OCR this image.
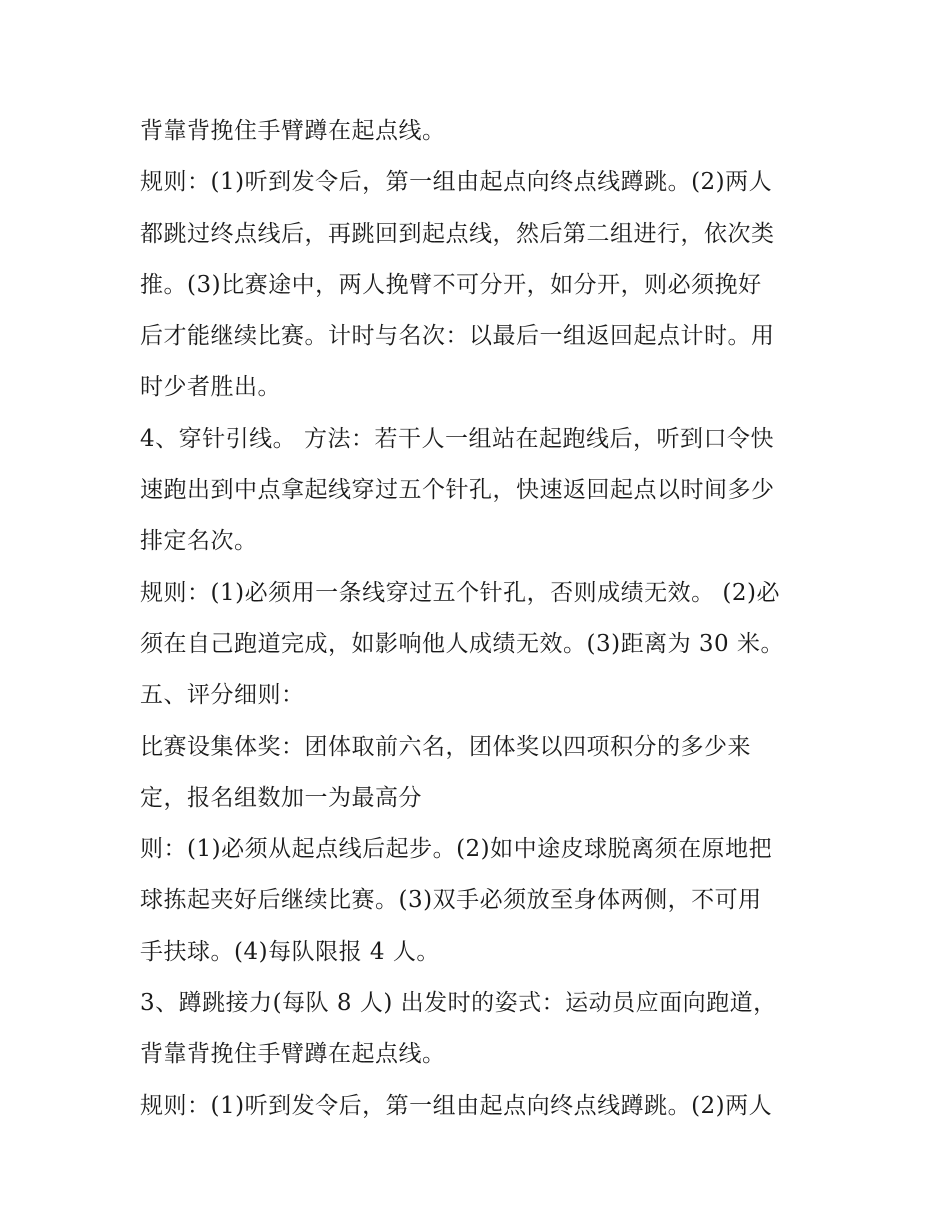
背靠背挽住手臂蹲在起点线。
规则：(1)听到发令后，第一组由起点向终点线蹲跳。(2)两人
都跳过终点线后，再跳回到起点线，然后第二组进行，依次类
推。(3)比赛途中，两人挽臂不可分开，如分开，则必须挽好
后才能继续比赛。计时与名次：以最后一组返回起点计时。用
时少者胜出。
4、穿针引线。 方法：若干人一组站在起跑线后，听到口令快
速跑出到中点拿起线穿过五个针孔，快速返回起点以时间多少
排定名次。
规则：(1)必须用一条线穿过五个针孔，否则成绩无效。 (2)必
须在自己跑道完成，如影响他人成绩无效。(3)距离为 30 米。
五、评分细则：
比赛设集体奖：团体取前六名，团体奖以四项积分的多少来
定，报名组数加一为最高分
则：(1)必须从起点线后起步。(2)如中途皮球脱离须在原地把
球拣起夹好后继续比赛。(3)双手必须放至身体两侧，不可用
手扶球。(4)每队限报 4 人。
3、蹲跳接力(每队 8 人) 出发时的姿式：运动员应面向跑道，
背靠背挽住手臂蹲在起点线。
规则：(1)听到发令后，第一组由起点向终点线蹲跳。(2)两人
